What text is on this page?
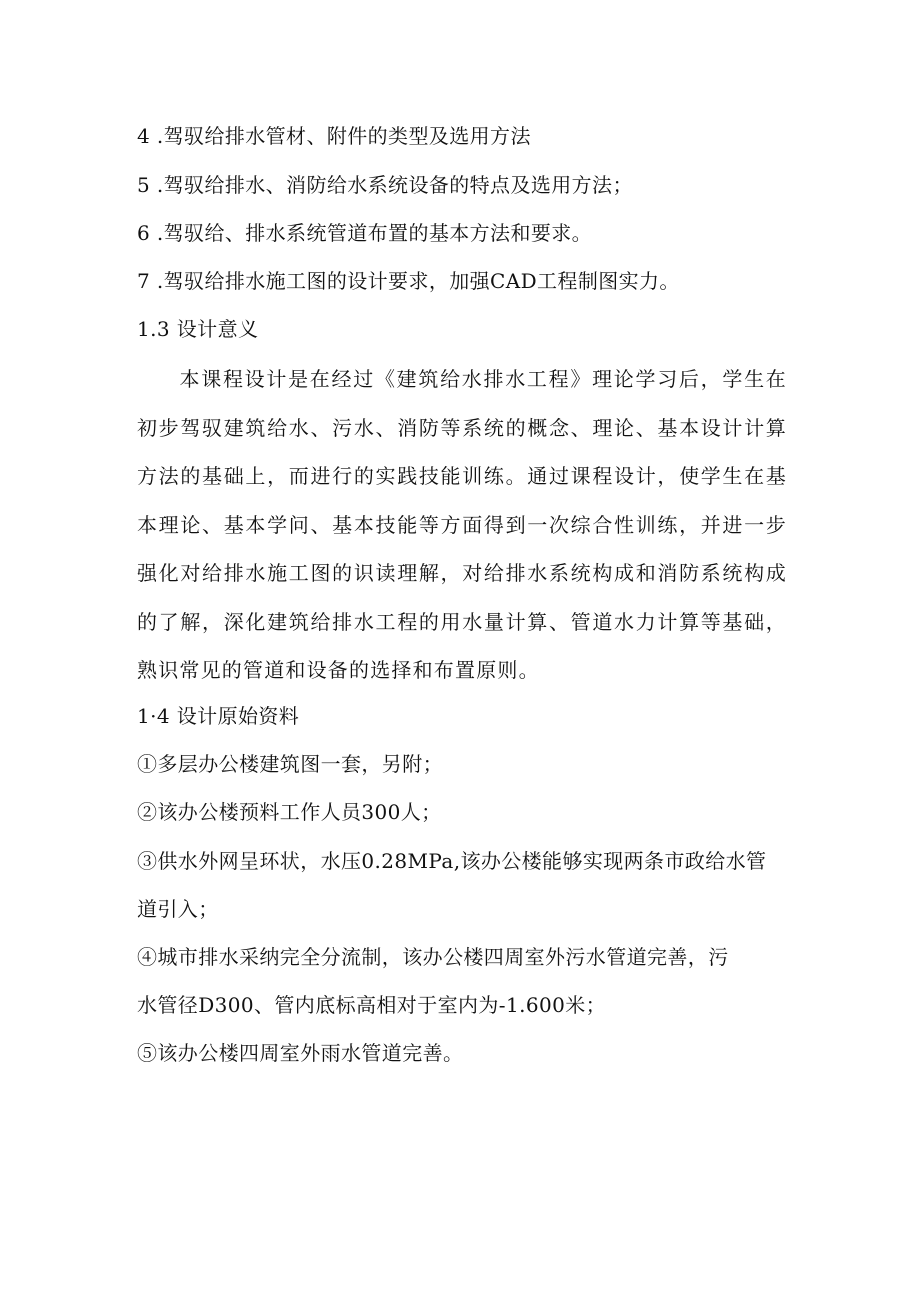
4 .驾驭给排水管材、附件的类型及选用方法
5 .驾驭给排水、消防给水系统设备的特点及选用方法；
6 .驾驭给、排水系统管道布置的基本方法和要求。
7 .驾驭给排水施工图的设计要求，加强CAD工程制图实力。
1.3 设计意义
本课程设计是在经过《建筑给水排水工程》理论学习后，学生在初步驾驭建筑给水、污水、消防等系统的概念、理论、基本设计计算方法的基础上，而进行的实践技能训练。通过课程设计，使学生在基本理论、基本学问、基本技能等方面得到一次综合性训练，并进一步强化对给排水施工图的识读理解，对给排水系统构成和消防系统构成的了解，深化建筑给排水工程的用水量计算、管道水力计算等基础，熟识常见的管道和设备的选择和布置原则。
1·4 设计原始资料
①多层办公楼建筑图一套，另附；
②该办公楼预料工作人员300人；
③供水外网呈环状，水压0.28MPa,该办公楼能够实现两条市政给水管
道引入；
④城市排水采纳完全分流制，该办公楼四周室外污水管道完善，污
水管径D300、管内底标高相对于室内为-1.600米；
⑤该办公楼四周室外雨水管道完善。
